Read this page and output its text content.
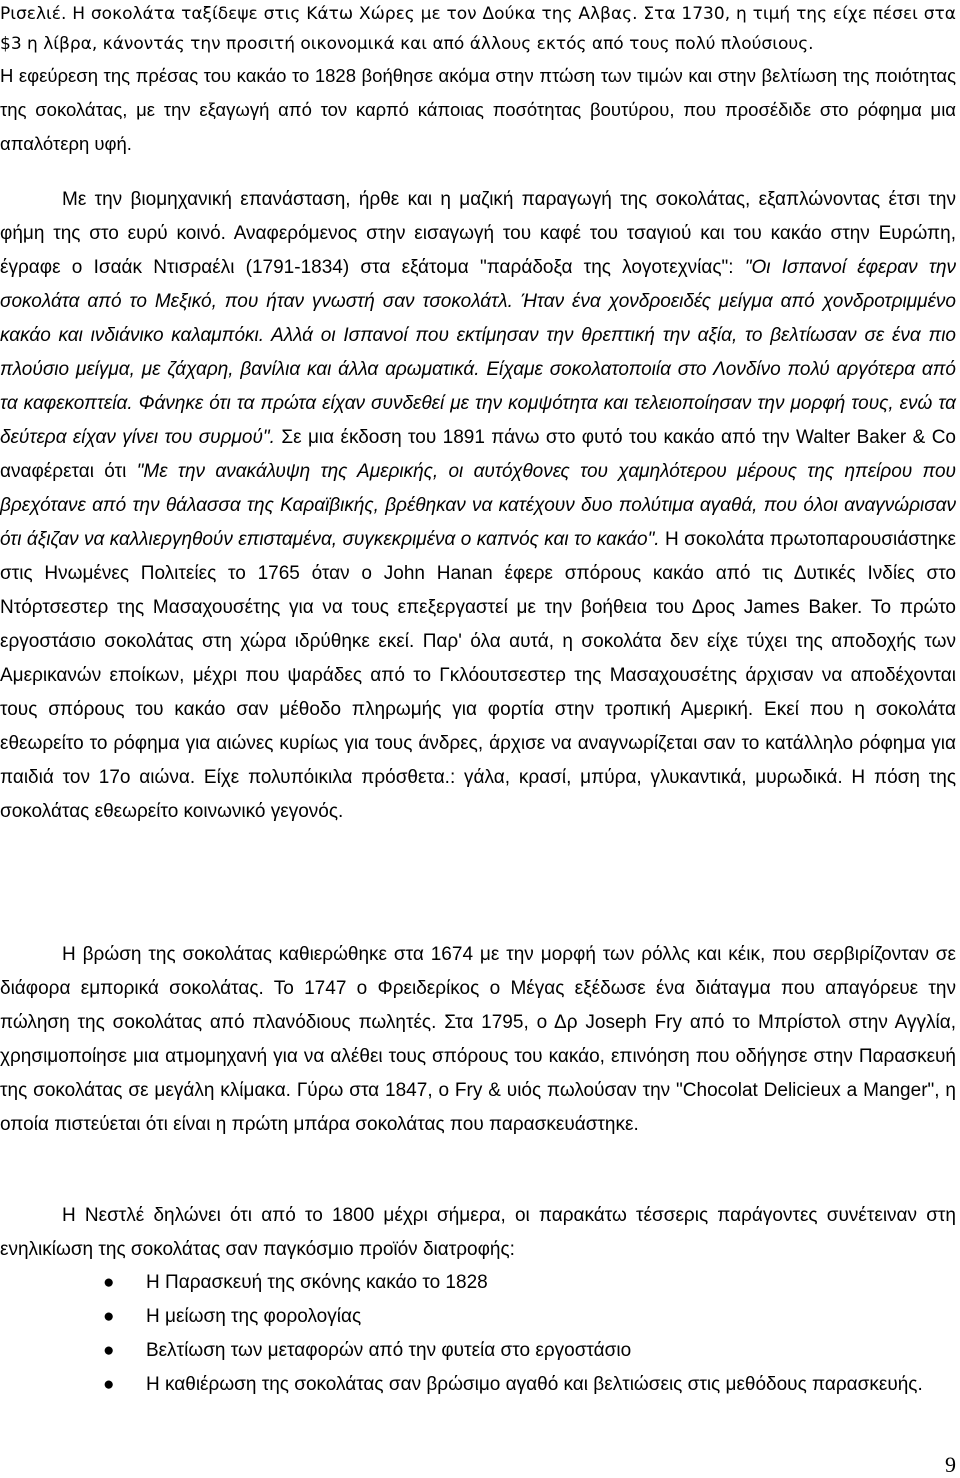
Ρισελιέ. Η σοκολάτα ταξίδεψε στις Κάτω Χώρες με τον Δούκα της Αλβας. Στα 1730, η τιμή της είχε πέσει στα $3 η λίβρα, κάνοντάς την προσιτή οικονομικά και από άλλους εκτός από τους πολύ πλούσιους.
Η εφεύρεση της πρέσας του κακάο το 1828 βοήθησε ακόμα στην πτώση των τιμών και στην βελτίωση της ποιότητας της σοκολάτας, με την εξαγωγή από τον καρπό κάποιας ποσότητας βουτύρου, που προσέδιδε στο ρόφημα μια απαλότερη υφή.
Με την βιομηχανική επανάσταση, ήρθε και η μαζική παραγωγή της σοκολάτας, εξαπλώνοντας έτσι την φήμη της στο ευρύ κοινό. Αναφερόμενος στην εισαγωγή του καφέ του τσαγιού και του κακάο στην Ευρώπη, έγραφε ο Ισαάκ Ντισραέλι (1791-1834) στα εξάτομα "παράδοξα της λογοτεχνίας": "Οι Ισπανοί έφεραν την σοκολάτα από το Μεξικό, που ήταν γνωστή σαν τσοκολάτλ. Ήταν ένα χονδροειδές μείγμα από χονδροτριμμένο κακάο και ινδιάνικο καλαμπόκι. Αλλά οι Ισπανοί που εκτίμησαν την θρεπτική την αξία, το βελτίωσαν σε ένα πιο πλούσιο μείγμα, με ζάχαρη, βανίλια και άλλα αρωματικά. Είχαμε σοκολατοποιία στο Λονδίνο πολύ αργότερα από τα καφεκοπτεία. Φάνηκε ότι τα πρώτα είχαν συνδεθεί με την κομψότητα και τελειοποίησαν την μορφή τους, ενώ τα δεύτερα είχαν γίνει του συρμού". Σε μια έκδοση του 1891 πάνω στο φυτό του κακάο από την Walter Baker & Co αναφέρεται ότι "Με την ανακάλυψη της Αμερικής, οι αυτόχθονες του χαμηλότερου μέρους της ηπείρου που βρεχότανε από την θάλασσα της Καραϊβικής, βρέθηκαν να κατέχουν δυο πολύτιμα αγαθά, που όλοι αναγνώρισαν ότι άξιζαν να καλλιεργηθούν επισταμένα, συγκεκριμένα ο καπνός και το κακάο". Η σοκολάτα πρωτοπαρουσιάστηκε στις Ηνωμένες Πολιτείες το 1765 όταν ο John Hanan έφερε σπόρους κακάο από τις Δυτικές Ινδίες στο Ντόρτσεστερ της Μασαχουσέτης για να τους επεξεργαστεί με την βοήθεια του Δρος James Baker. Το πρώτο εργοστάσιο σοκολάτας στη χώρα ιδρύθηκε εκεί. Παρ' όλα αυτά, η σοκολάτα δεν είχε τύχει της αποδοχής των Αμερικανών εποίκων, μέχρι που ψαράδες από το Γκλόουτσεστερ της Μασαχουσέτης άρχισαν να αποδέχονται τους σπόρους του κακάο σαν μέθοδο πληρωμής για φορτία στην τροπική Αμερική. Εκεί που η σοκολάτα εθεωρείτο το ρόφημα για αιώνες κυρίως για τους άνδρες, άρχισε να αναγνωρίζεται σαν το κατάλληλο ρόφημα για παιδιά τον 17ο αιώνα. Είχε πολυπόικιλα πρόσθετα.: γάλα, κρασί, μπύρα, γλυκαντικά, μυρωδικά. Η πόση της σοκολάτας εθεωρείτο κοινωνικό γεγονός.
Η βρώση της σοκολάτας καθιερώθηκε στα 1674 με την μορφή των ρόλλς και κέικ, που σερβιρίζονταν σε διάφορα εμπορικά σοκολάτας. Το 1747 ο Φρειδερίκος ο Μέγας εξέδωσε ένα διάταγμα που απαγόρευε την πώληση της σοκολάτας από πλανόδιους πωλητές. Στα 1795, ο Δρ Joseph Fry από το Μπρίστολ στην Αγγλία, χρησιμοποίησε μια ατμομηχανή για να αλέθει τους σπόρους του κακάο, επινόηση που οδήγησε στην Παρασκευή της σοκολάτας σε μεγάλη κλίμακα. Γύρω στα 1847, ο Fry & υιός πωλούσαν την "Chocolat Delicieux a Manger", η οποία πιστεύεται ότι είναι η πρώτη μπάρα σοκολάτας που παρασκευάστηκε.
Η Νεστλέ δηλώνει ότι από το 1800 μέχρι σήμερα, οι παρακάτω τέσσερις παράγοντες συνέτειναν στη ενηλικίωση της σοκολάτας σαν παγκόσμιο προϊόν διατροφής:
● Η Παρασκευή της σκόνης κακάο το 1828
● Η μείωση της φορολογίας
● Βελτίωση των μεταφορών από την φυτεία στο εργοστάσιο
● Η καθιέρωση της σοκολάτας σαν βρώσιμο αγαθό και βελτιώσεις στις μεθόδους παρασκευής.
9
